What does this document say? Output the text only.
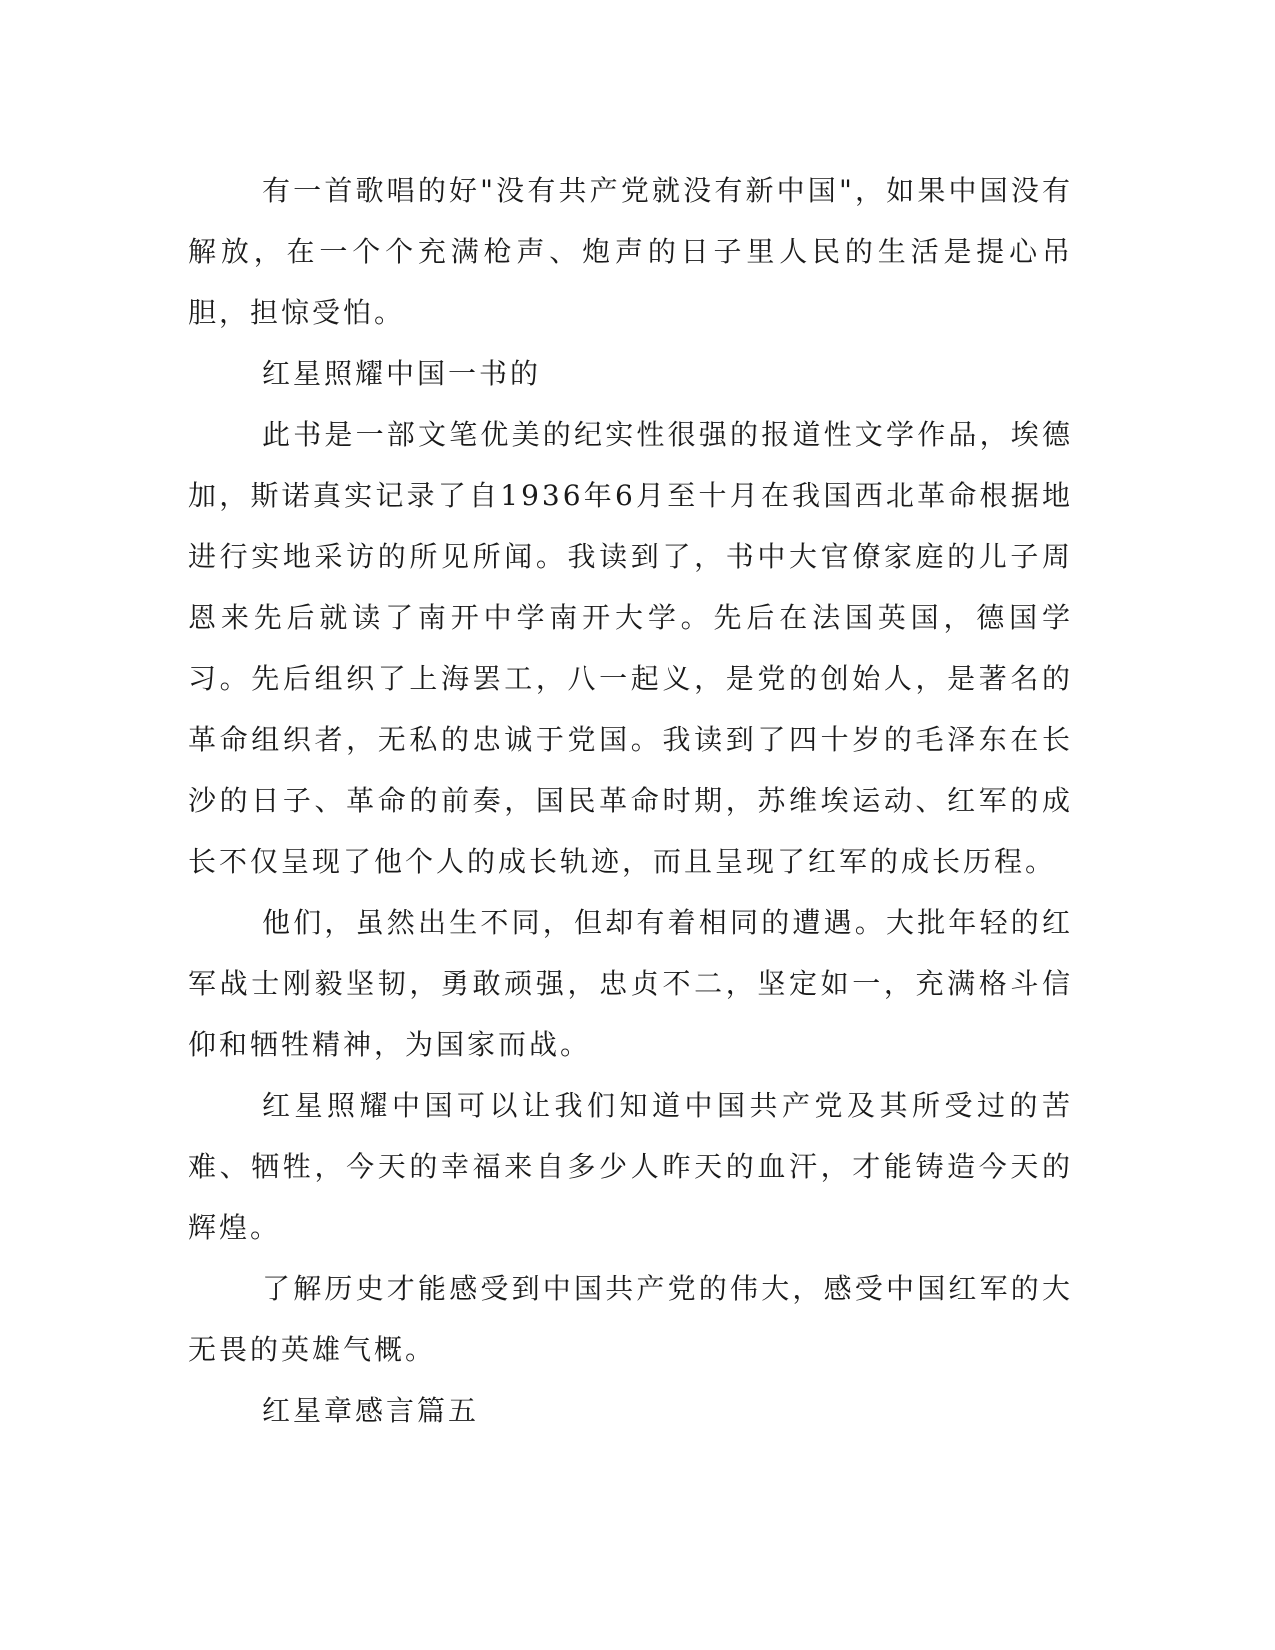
有一首歌唱的好"没有共产党就没有新中国"，如果中国没有解放，在一个个充满枪声、炮声的日子里人民的生活是提心吊胆，担惊受怕。

红星照耀中国一书的

此书是一部文笔优美的纪实性很强的报道性文学作品，埃德加，斯诺真实记录了自1936年6月至十月在我国西北革命根据地进行实地采访的所见所闻。我读到了，书中大官僚家庭的儿子周恩来先后就读了南开中学南开大学。先后在法国英国，德国学习。先后组织了上海罢工，八一起义，是党的创始人，是著名的革命组织者，无私的忠诚于党国。我读到了四十岁的毛泽东在长沙的日子、革命的前奏，国民革命时期，苏维埃运动、红军的成长不仅呈现了他个人的成长轨迹，而且呈现了红军的成长历程。

他们，虽然出生不同，但却有着相同的遭遇。大批年轻的红军战士刚毅坚韧，勇敢顽强，忠贞不二，坚定如一，充满格斗信仰和牺牲精神，为国家而战。

红星照耀中国可以让我们知道中国共产党及其所受过的苦难、牺牲，今天的幸福来自多少人昨天的血汗，才能铸造今天的辉煌。

了解历史才能感受到中国共产党的伟大，感受中国红军的大无畏的英雄气概。

红星章感言篇五
